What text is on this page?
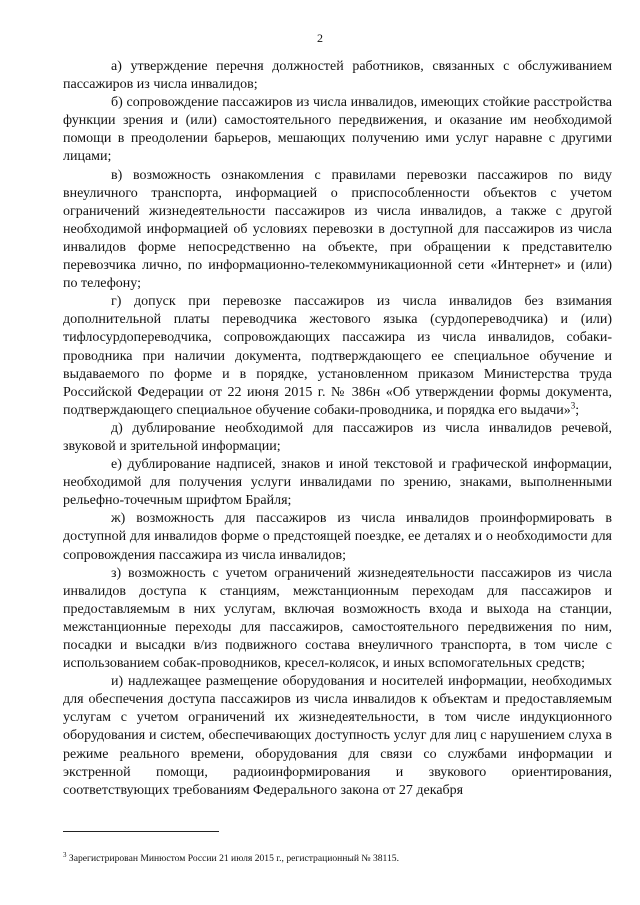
2

а) утверждение перечня должностей работников, связанных с обслуживанием пассажиров из числа инвалидов;

б) сопровождение пассажиров из числа инвалидов, имеющих стойкие расстройства функции зрения и (или) самостоятельного передвижения, и оказание им необходимой помощи в преодолении барьеров, мешающих получению ими услуг наравне с другими лицами;

в) возможность ознакомления с правилами перевозки пассажиров по виду внеуличного транспорта, информацией о приспособленности объектов с учетом ограничений жизнедеятельности пассажиров из числа инвалидов, а также с другой необходимой информацией об условиях перевозки в доступной для пассажиров из числа инвалидов форме непосредственно на объекте, при обращении к представителю перевозчика лично, по информационно-телекоммуникационной сети «Интернет» и (или) по телефону;

г) допуск при перевозке пассажиров из числа инвалидов без взимания дополнительной платы переводчика жестового языка (сурдопереводчика) и (или) тифлосурдопереводчика, сопровождающих пассажира из числа инвалидов, собаки-проводника при наличии документа, подтверждающего ее специальное обучение и выдаваемого по форме и в порядке, установленном приказом Министерства труда Российской Федерации от 22 июня 2015 г. № 386н «Об утверждении формы документа, подтверждающего специальное обучение собаки-проводника, и порядка его выдачи»$^3$;

д) дублирование необходимой для пассажиров из числа инвалидов речевой, звуковой и зрительной информации;

е) дублирование надписей, знаков и иной текстовой и графической информации, необходимой для получения услуги инвалидами по зрению, знаками, выполненными рельефно-точечным шрифтом Брайля;

ж) возможность для пассажиров из числа инвалидов проинформировать в доступной для инвалидов форме о предстоящей поездке, ее деталях и о необходимости для сопровождения пассажира из числа инвалидов;

з) возможность с учетом ограничений жизнедеятельности пассажиров из числа инвалидов доступа к станциям, межстанционным переходам для пассажиров и предоставляемым в них услугам, включая возможность входа и выхода на станции, межстанционные переходы для пассажиров, самостоятельного передвижения по ним, посадки и высадки в/из подвижного состава внеуличного транспорта, в том числе с использованием собак-проводников, кресел-колясок, и иных вспомогательных средств;

и) надлежащее размещение оборудования и носителей информации, необходимых для обеспечения доступа пассажиров из числа инвалидов к объектам и предоставляемым услугам с учетом ограничений их жизнедеятельности, в том числе индукционного оборудования и систем, обеспечивающих доступность услуг для лиц с нарушением слуха в режиме реального времени, оборудования для связи со службами информации и экстренной помощи, радиоинформирования и звукового ориентирования, соответствующих требованиям Федерального закона от 27 декабря

$^3$ Зарегистрирован Минюстом России 21 июля 2015 г., регистрационный № 38115.
